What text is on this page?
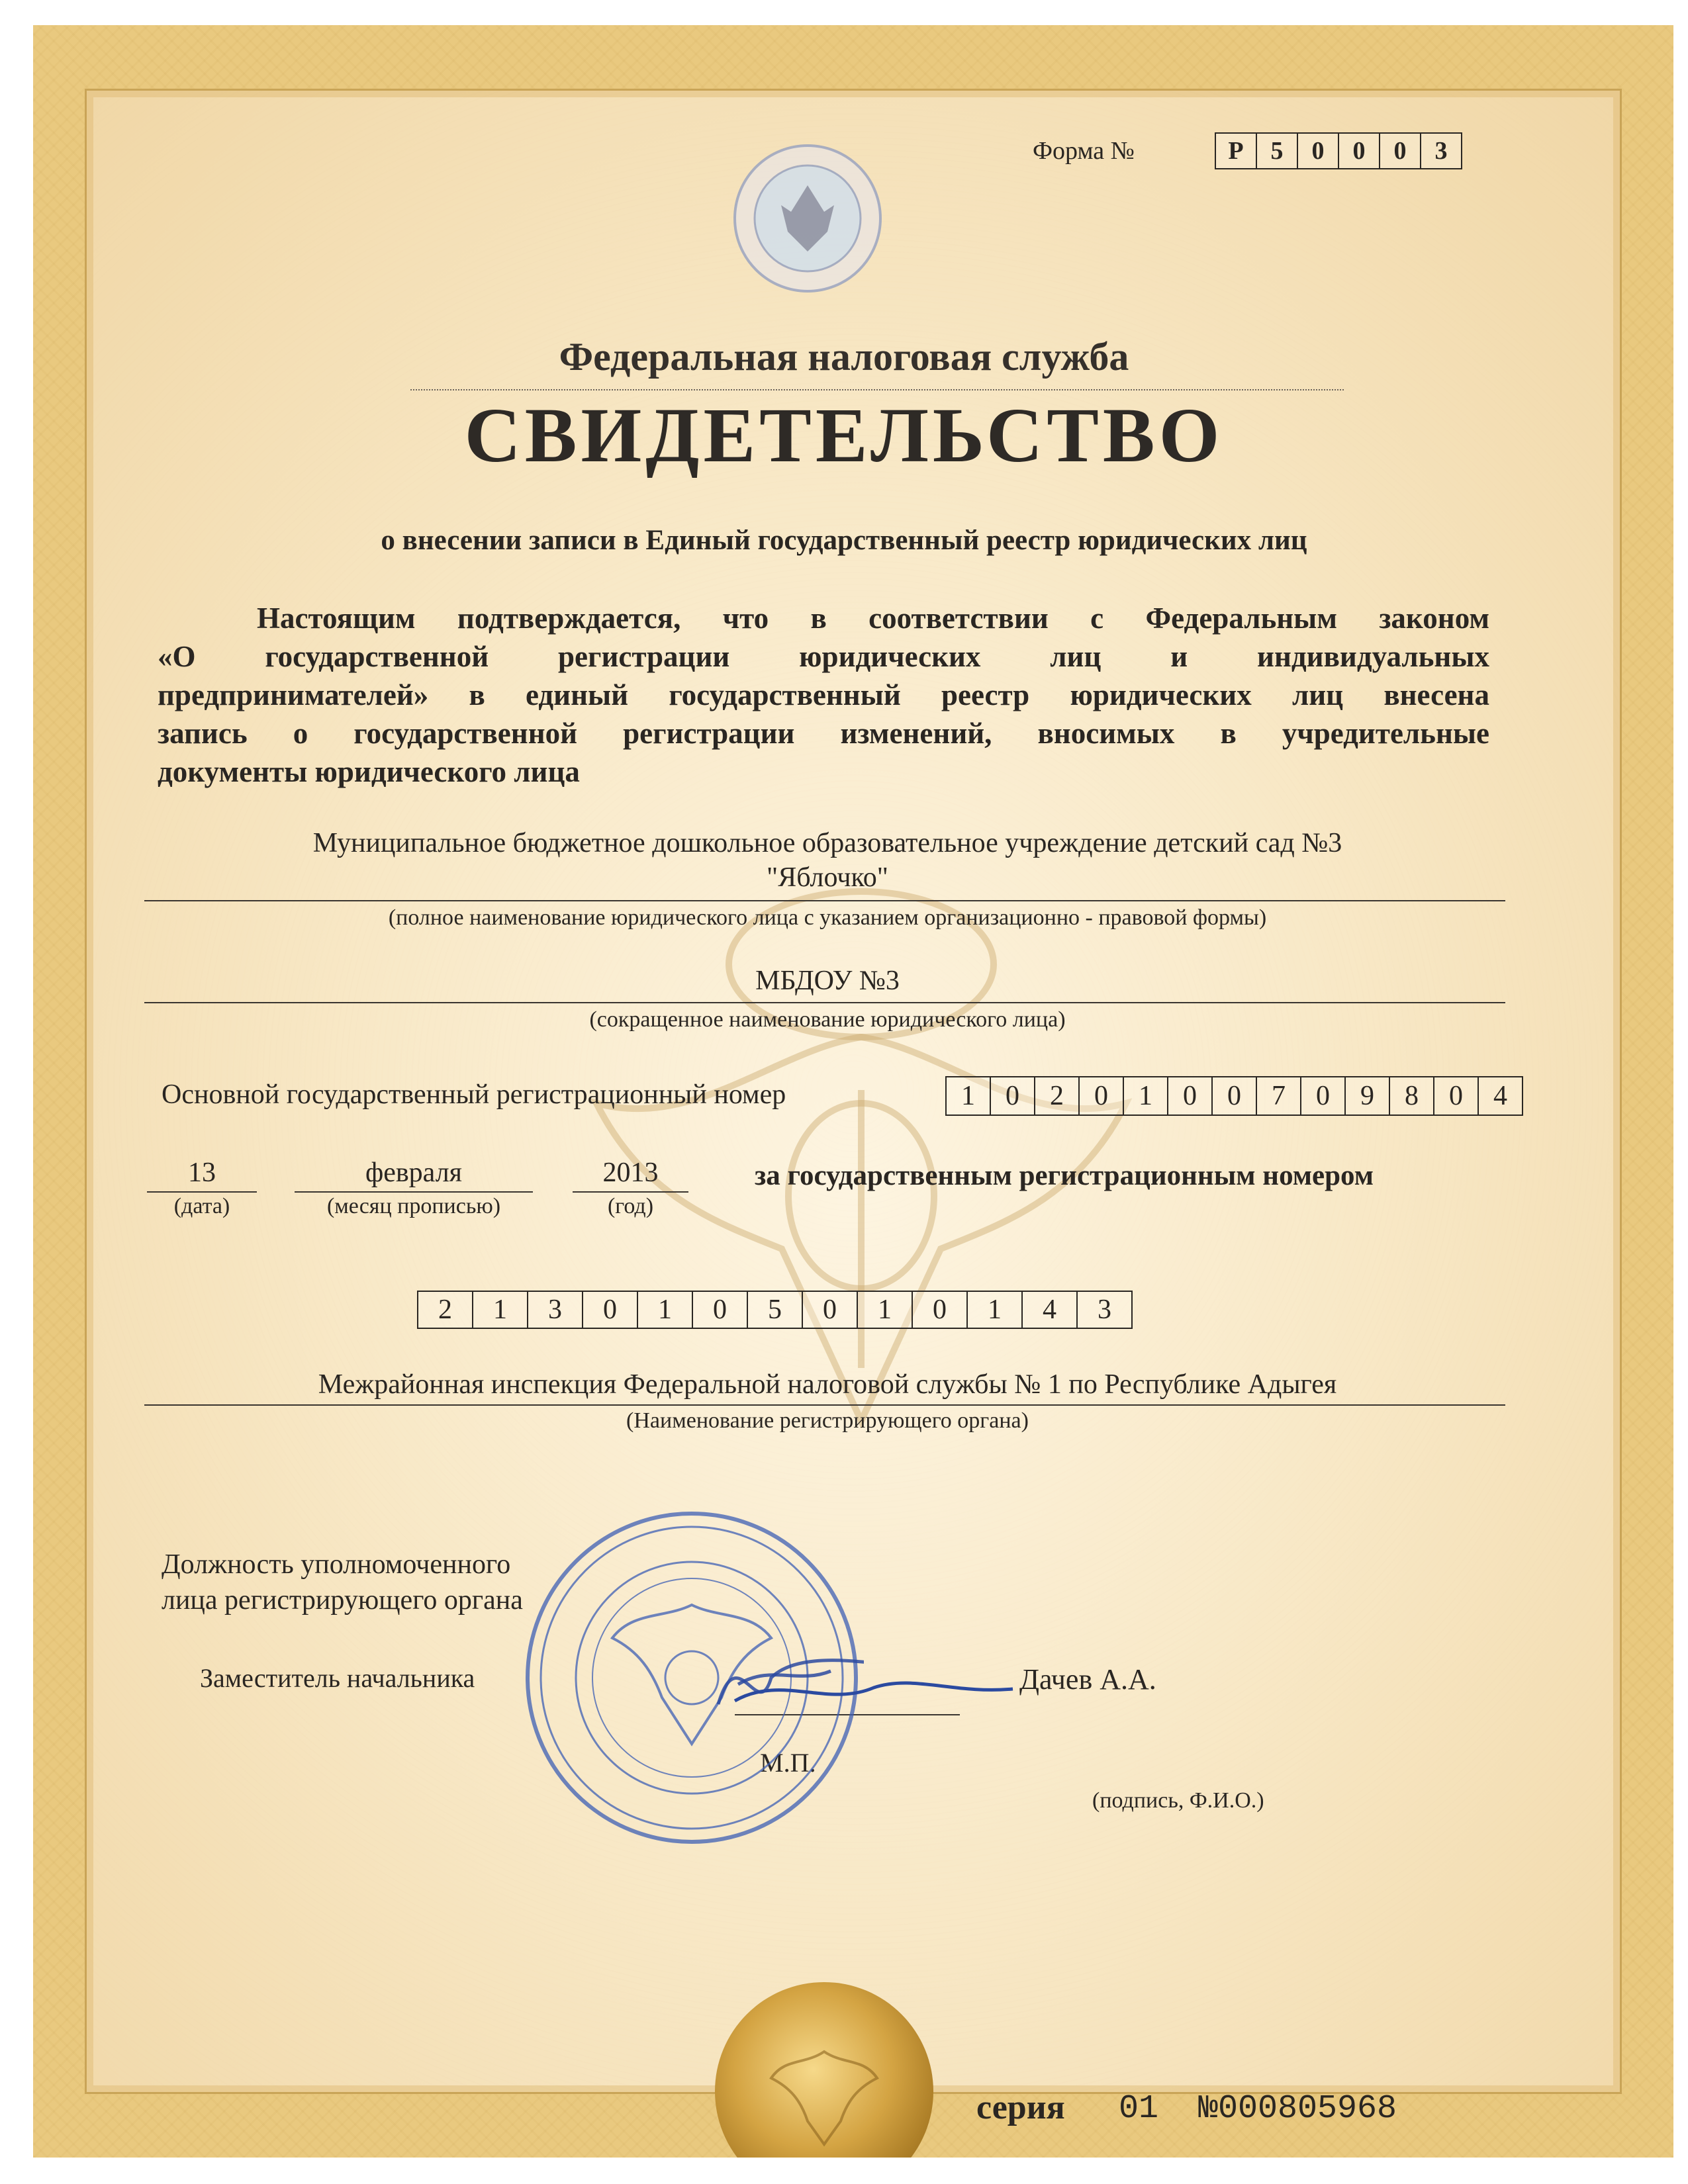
Форма №	Р	5	0	0	0	3
Федеральная налоговая служба
СВИДЕТЕЛЬСТВО
о внесении записи в Единый государственный реестр юридических лиц
Настоящим подтверждается, что в соответствии с Федеральным законом
«О государственной регистрации юридических лиц и индивидуальных
предпринимателей» в единый государственный реестр юридических лиц внесена
запись о государственной регистрации изменений, вносимых в учредительные
документы юридического лица
Муниципальное бюджетное дошкольное образовательное учреждение детский сад №3
"Яблочко"
(полное наименование юридического лица с указанием организационно - правовой формы)
МБДОУ №3
(сокращенное наименование юридического лица)
Основной государственный регистрационный номер	1	0	2	0	1	0	0	7	0	9	8	0	4
13
(дата)
февраля
(месяц прописью)
2013
(год)
за государственным регистрационным номером
2	1	3	0	1	0	5	0	1	0	1	4	3
Межрайонная инспекция Федеральной налоговой службы № 1 по Республике Адыгея
(Наименование регистрирующего органа)
Должность уполномоченного
лица регистрирующего органа
Заместитель начальника	Дачев А.А.
М.П.
(подпись, Ф.И.О.)
серия 01 №000805968
